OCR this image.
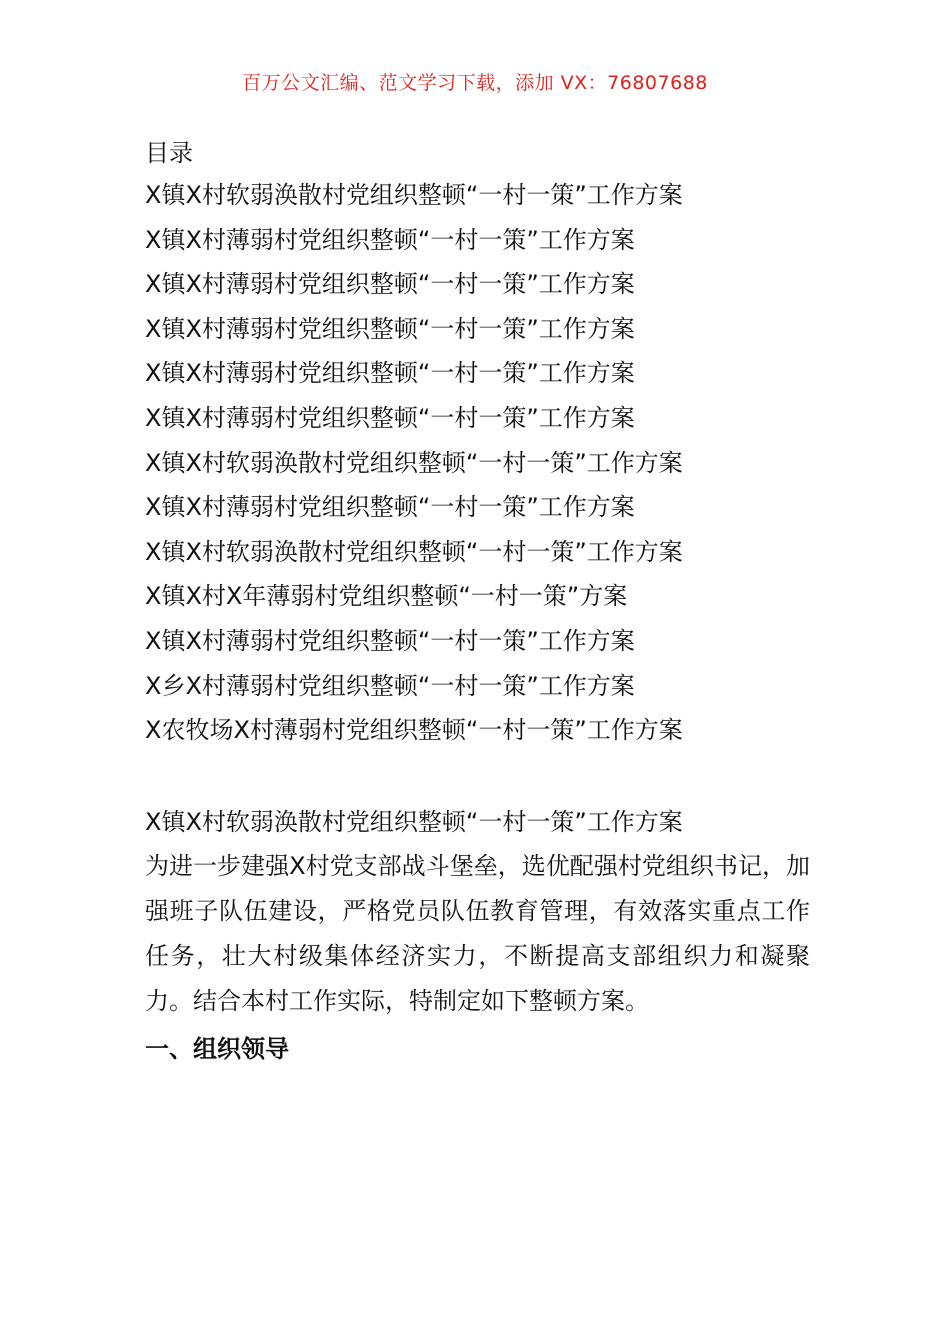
百万公文汇编、范文学习下载，添加 VX：76807688
目录
X镇X村软弱涣散村党组织整顿“一村一策”工作方案
X镇X村薄弱村党组织整顿“一村一策”工作方案
X镇X村薄弱村党组织整顿“一村一策”工作方案
X镇X村薄弱村党组织整顿“一村一策”工作方案
X镇X村薄弱村党组织整顿“一村一策”工作方案
X镇X村薄弱村党组织整顿“一村一策”工作方案
X镇X村软弱涣散村党组织整顿“一村一策”工作方案
X镇X村薄弱村党组织整顿“一村一策”工作方案
X镇X村软弱涣散村党组织整顿“一村一策”工作方案
X镇X村X年薄弱村党组织整顿“一村一策”方案
X镇X村薄弱村党组织整顿“一村一策”工作方案
X乡X村薄弱村党组织整顿“一村一策”工作方案
X农牧场X村薄弱村党组织整顿“一村一策”工作方案
X镇X村软弱涣散村党组织整顿“一村一策”工作方案

为进一步建强X村党支部战斗堡垒，选优配强村党组织书记，加强班子队伍建设，严格党员队伍教育管理，有效落实重点工作任务，壮大村级集体经济实力，不断提高支部组织力和凝聚力。结合本村工作实际，特制定如下整顿方案。

一、组织领导
